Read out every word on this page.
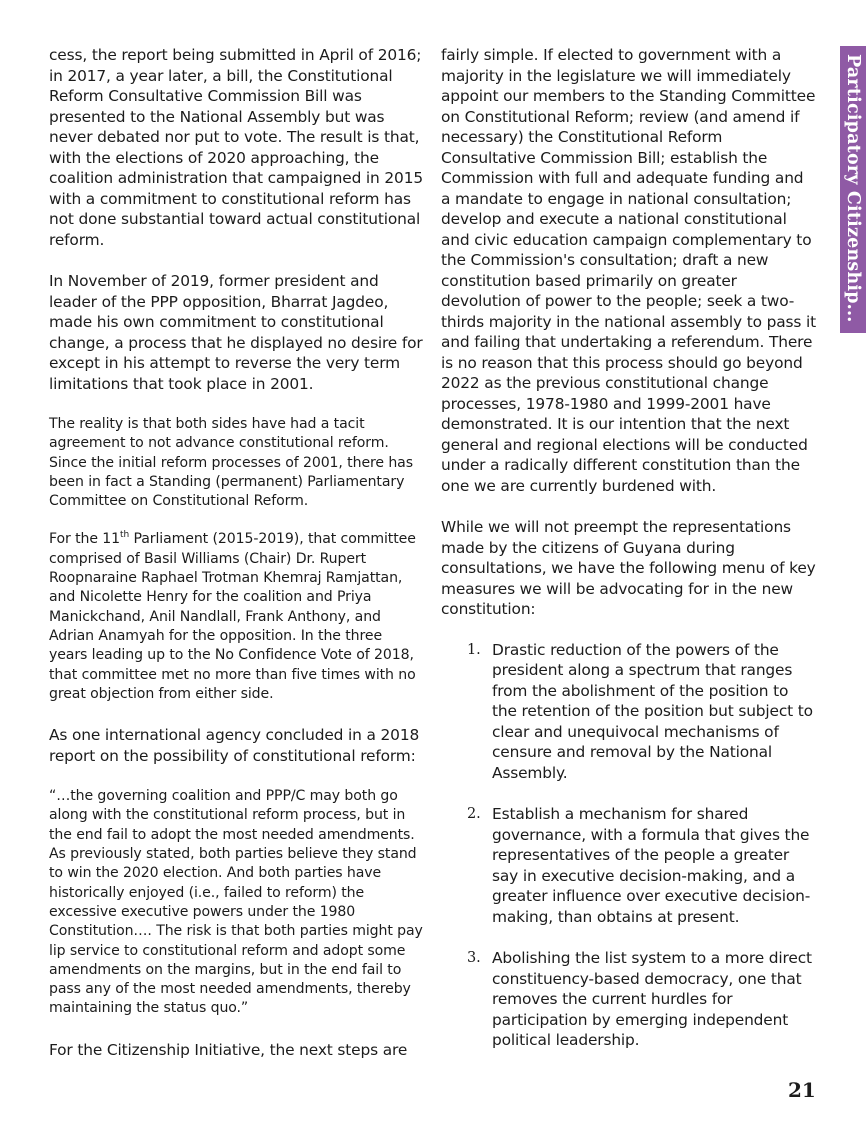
Participatory Citizenship...

cess, the report being submitted in April of 2016; in 2017, a year later, a bill, the Constitutional Reform Consultative Commission Bill was presented to the National Assembly but was never debated nor put to vote. The result is that, with the elections of 2020 approaching, the coalition administration that campaigned in 2015 with a commitment to constitutional reform has not done substantial toward actual constitutional reform.

In November of 2019, former president and leader of the PPP opposition, Bharrat Jagdeo, made his own commitment to constitutional change, a process that he displayed no desire for except in his attempt to reverse the very term limitations that took place in 2001.

The reality is that both sides have had a tacit agreement to not advance constitutional reform. Since the initial reform processes of 2001, there has been in fact a Standing (permanent) Parliamentary Committee on Constitutional Reform.

For the 11th Parliament (2015-2019), that committee comprised of Basil Williams (Chair) Dr. Rupert Roopnaraine Raphael Trotman Khemraj Ramjattan, and Nicolette Henry for the coalition and Priya Manickchand, Anil Nandlall, Frank Anthony, and Adrian Anamyah for the opposition. In the three years leading up to the No Confidence Vote of 2018, that committee met no more than five times with no great objection from either side.

As one international agency concluded in a 2018 report on the possibility of constitutional reform:

“…the governing coalition and PPP/C may both go along with the constitutional reform process, but in the end fail to adopt the most needed amendments. As previously stated, both parties believe they stand to win the 2020 election. And both parties have historically enjoyed (i.e., failed to reform) the excessive executive powers under the 1980 Constitution…. The risk is that both parties might pay lip service to constitutional reform and adopt some amendments on the margins, but in the end fail to pass any of the most needed amendments, thereby maintaining the status quo.”

For the Citizenship Initiative, the next steps are

fairly simple. If elected to government with a majority in the legislature we will immediately appoint our members to the Standing Committee on Constitutional Reform; review (and amend if necessary) the Constitutional Reform Consultative Commission Bill; establish the Commission with full and adequate funding and a mandate to engage in national consultation; develop and execute a national constitutional and civic education campaign complementary to the Commission's consultation; draft a new constitution based primarily on greater devolution of power to the people; seek a two-thirds majority in the national assembly to pass it and failing that undertaking a referendum. There is no reason that this process should go beyond 2022 as the previous constitutional change processes, 1978-1980 and 1999-2001 have demonstrated. It is our intention that the next general and regional elections will be conducted under a radically different constitution than the one we are currently burdened with.

While we will not preempt the representations made by the citizens of Guyana during consultations, we have the following menu of key measures we will be advocating for in the new constitution:

1. Drastic reduction of the powers of the president along a spectrum that ranges from the abolishment of the position to the retention of the position but subject to clear and unequivocal mechanisms of censure and removal by the National Assembly.
2. Establish a mechanism for shared governance, with a formula that gives the representatives of the people a greater say in executive decision-making, and a greater influence over executive decision-making, than obtains at present.
3. Abolishing the list system to a more direct constituency-based democracy, one that removes the current hurdles for participation by emerging independent political leadership.
21
